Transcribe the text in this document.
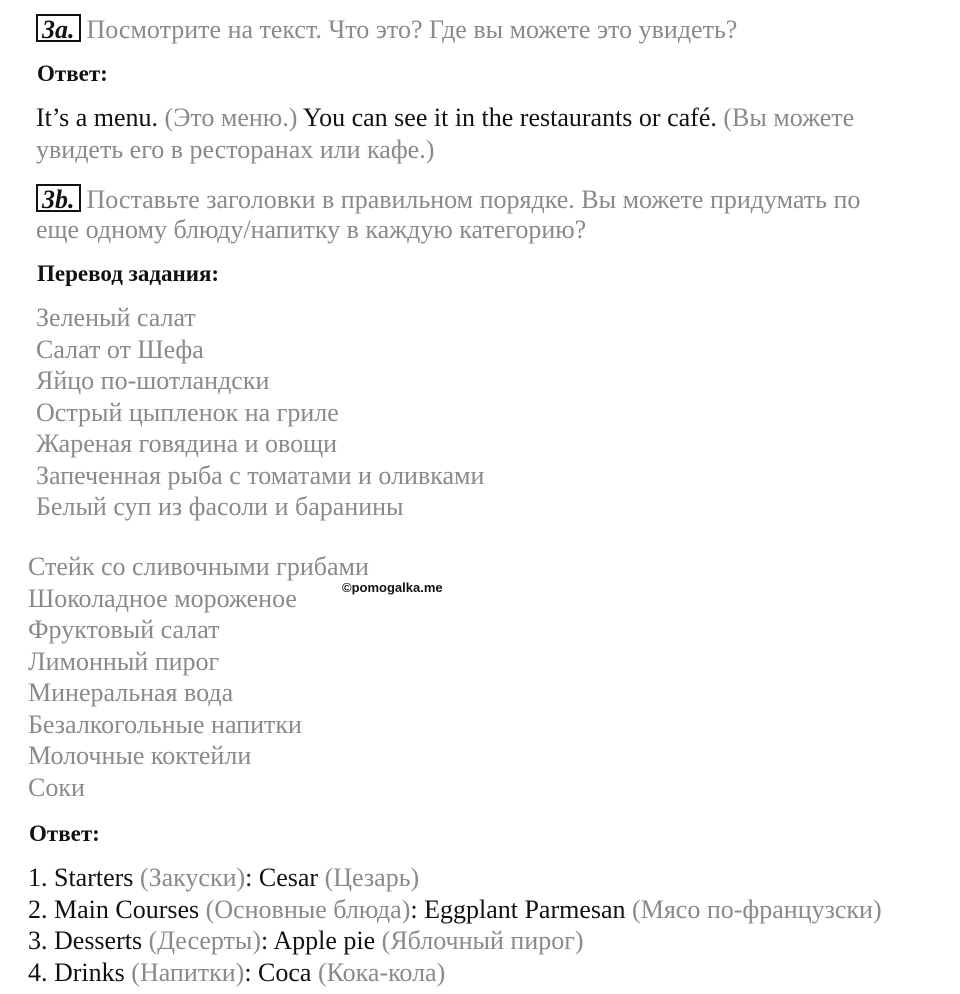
3a. Посмотрите на текст. Что это? Где вы можете это увидеть?
Ответ:
It’s a menu. (Это меню.) You can see it in the restaurants or café. (Вы можете
увидеть его в ресторанах или кафе.)
3b. Поставьте заголовки в правильном порядке. Вы можете придумать по
еще одному блюду/напитку в каждую категорию?
Перевод задания:
Зеленый салат
Салат от Шефа
Яйцо по-шотландски
Острый цыпленок на гриле
Жареная говядина и овощи
Запеченная рыба с томатами и оливками
Белый суп из фасоли и баранины
Стейк со сливочными грибами
Шоколадное мороженое
Фруктовый салат
Лимонный пирог
Минеральная вода
Безалкогольные напитки
Молочные коктейли
Соки
©pomogalka.me
Ответ:
1. Starters (Закуски): Cesar (Цезарь)
2. Main Courses (Основные блюда): Eggplant Parmesan (Мясо по-французски)
3. Desserts (Десерты): Apple pie (Яблочный пирог)
4. Drinks (Напитки): Coca (Кока-кола)
